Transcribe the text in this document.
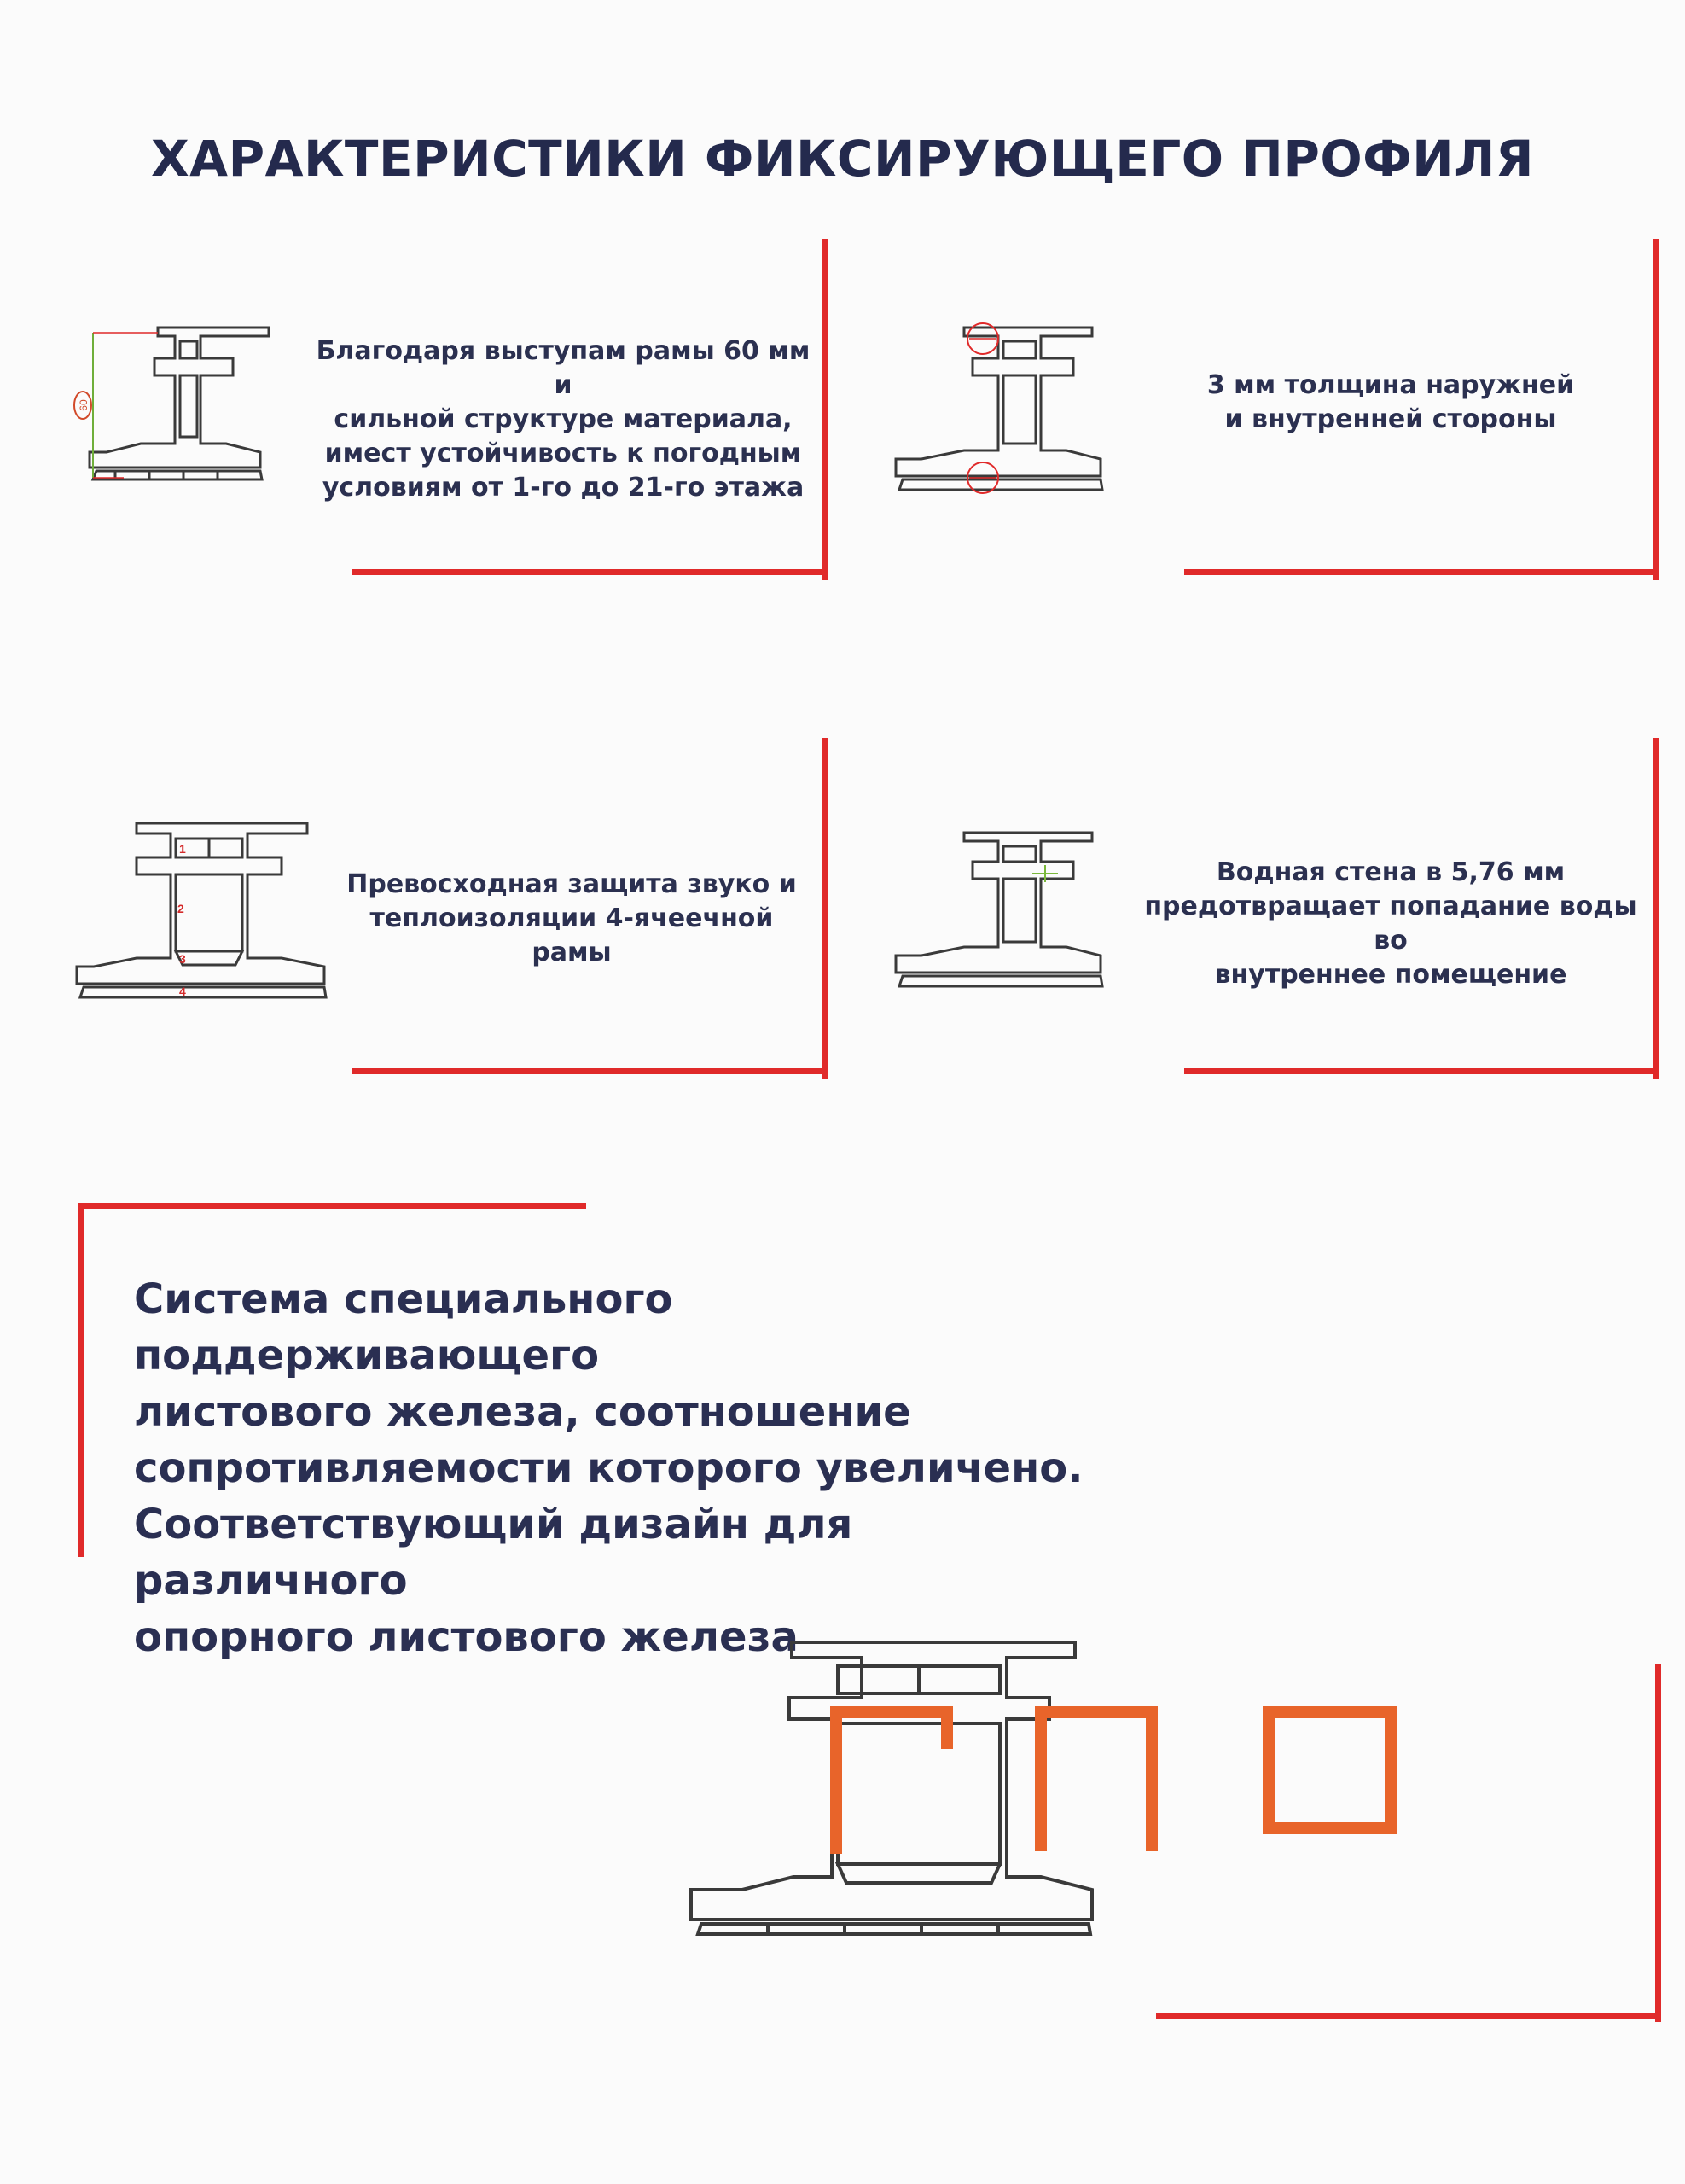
ХАРАКТЕРИСТИКИ ФИКСИРУЮЩЕГО ПРОФИЛЯ
Благодаря выступам рамы 60 мм и
сильной структуре материала,
имест устойчивость к погодным
условиям от 1-го до 21-го этажа
60
3 мм толщина наружней
и внутренней стороны
Превосходная защита звуко и
теплоизоляции 4-ячеечной рамы
1
2
3
4
Водная стена в 5,76 мм
предотвращает попадание воды во
внутреннее помещение
Система специального поддерживающего
листового железа, соотношение
сопротивляемости которого увеличено.
Соответствующий дизайн для различного
опорного листового железа
